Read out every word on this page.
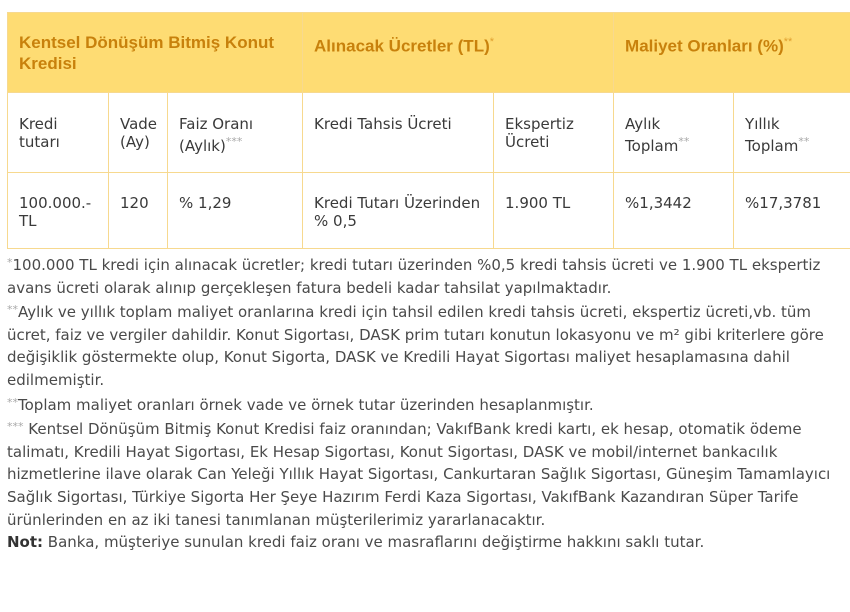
Kentsel Dönüşüm Bitmiş Konut Kredisi			Alınacak Ücretler (TL)*		Maliyet Oranları (%)**
Kredi tutarı	Vade (Ay)	Faiz Oranı (Aylık)***	Kredi Tahsis Ücreti	Ekspertiz Ücreti	Aylık Toplam**	Yıllık Toplam**
100.000.-TL	120	% 1,29	Kredi Tutarı Üzerinden % 0,5	1.900 TL	%1,3442	%17,3781

*100.000 TL kredi için alınacak ücretler; kredi tutarı üzerinden %0,5 kredi tahsis ücreti ve 1.900 TL ekspertiz avans ücreti olarak alınıp gerçekleşen fatura bedeli kadar tahsilat yapılmaktadır.

**Aylık ve yıllık toplam maliyet oranlarına kredi için tahsil edilen kredi tahsis ücreti, ekspertiz ücreti,vb. tüm ücret, faiz ve vergiler dahildir. Konut Sigortası, DASK prim tutarı konutun lokasyonu ve m² gibi kriterlere göre değişiklik göstermekte olup, Konut Sigorta, DASK ve Kredili Hayat Sigortası maliyet hesaplamasına dahil edilmemiştir.

**Toplam maliyet oranları örnek vade ve örnek tutar üzerinden hesaplanmıştır.

*** Kentsel Dönüşüm Bitmiş Konut Kredisi faiz oranından; VakıfBank kredi kartı, ek hesap, otomatik ödeme talimatı, Kredili Hayat Sigortası, Ek Hesap Sigortası, Konut Sigortası, DASK ve mobil/internet bankacılık hizmetlerine ilave olarak Can Yeleği Yıllık Hayat Sigortası, Cankurtaran Sağlık Sigortası, Güneşim Tamamlayıcı Sağlık Sigortası, Türkiye Sigorta Her Şeye Hazırım Ferdi Kaza Sigortası, VakıfBank Kazandıran Süper Tarife ürünlerinden en az iki tanesi tanımlanan müşterilerimiz yararlanacaktır.

Not: Banka, müşteriye sunulan kredi faiz oranı ve masraflarını değiştirme hakkını saklı tutar.
